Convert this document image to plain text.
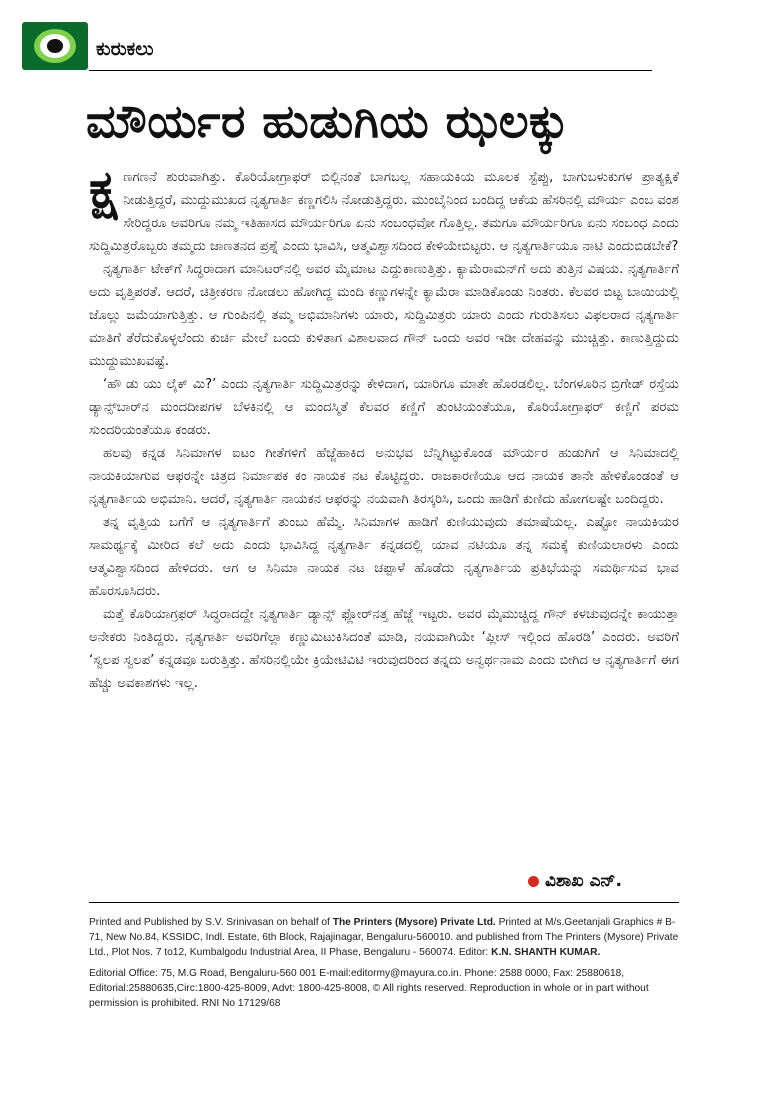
ಕುರುಕಲು
ಮೌರ್ಯರ ಹುಡುಗಿಯ ಝಲಕ್ಕು
ಕ್ಷ ಣಗಣನೆ ಶುರುವಾಗಿತ್ತು. ಕೊರಿಯೋಗ್ರಾಫರ್ ಬಿಲ್ಲಿನಂತೆ ಬಾಗಬಲ್ಲ ಸಹಾಯಕಿಯ ಮೂಲಕ ಸ್ಟೆಪ್ಪು, ಬಾಗುಬಳುಕುಗಳ ಪ್ರಾತ್ಯಕ್ಷಿಕೆ ನೀಡುತ್ತಿದ್ದರೆ, ಮುದ್ದುಮುಖದ ನೃತ್ಯಗಾರ್ತಿ ಕಣ್ಣಗಲಿಸಿ ನೋಡುತ್ತಿದ್ದರು. ಮುಂಬೈನಿಂದ ಬಂದಿದ್ದ ಆಕೆಯ ಹೆಸರಿನಲ್ಲಿ ಮೌರ್ಯ ಎಂಬ ವಂಶ ಸೇರಿದ್ದರೂ ಅವರಿಗೂ ನಮ್ಮ ಇತಿಹಾಸದ ಮೌರ್ಯರಿಗೂ ಏನು ಸಂಬಂಧವೋ ಗೊತ್ತಿಲ್ಲ. ತಮಗೂ ಮೌರ್ಯರಿಗೂ ಏನು ಸಂಬಂಧ ಎಂದು ಸುದ್ದಿಮಿತ್ರರೊಬ್ಬರು ತಮ್ಮದು ಜಾಣತನದ ಪ್ರಶ್ನೆ ಎಂದು ಭಾವಿಸಿ, ಆತ್ಮವಿಶ್ವಾಸದಿಂದ ಕೇಳಿಯೇಬಿಟ್ಟರು. ಆ ನೃತ್ಯಗಾರ್ತಿಯೂ ನಾಟಿ ಎಂದುಬಿಡಬೇಕೆ?

ನೃತ್ಯಗಾರ್ತಿ ಟೇಕ್‌ಗೆ ಸಿದ್ಧರಾದಾಗ ಮಾನಿಟರ್‌ನಲ್ಲಿ ಅವರ ಮೈಮಾಟ ಎದ್ದುಕಾಣುತ್ತಿತ್ತು. ಕ್ಯಾಮೆರಾಮನ್‌ಗೆ ಅದು ತುತ್ತಿನ ವಿಷಯ. ನೃತ್ಯಗಾರ್ತಿಗೆ ಅದು ವೃತ್ತಿಪರತೆ. ಆದರೆ, ಚಿತ್ರೀಕರಣ ನೋಡಲು ಹೋಗಿದ್ದ ಮಂದಿ ಕಣ್ಣುಗಳನ್ನೇ ಕ್ಯಾಮೆರಾ ಮಾಡಿಕೊಂಡು ನಿಂತರು. ಕೆಲವರ ಬಿಟ್ಟ ಬಾಯಿಯಲ್ಲಿ ಜೊಲ್ಲು ಜಮೆಯಾಗುತ್ತಿತ್ತು. ಆ ಗುಂಪಿನಲ್ಲಿ ತಮ್ಮ ಅಭಿಮಾನಿಗಳು ಯಾರು, ಸುದ್ದಿಮಿತ್ರರು ಯಾರು ಎಂದು ಗುರುತಿಸಲು ವಿಫಲರಾದ ನೃತ್ಯಗಾರ್ತಿ ಮಾತಿಗೆ ತೆರೆದುಕೊಳ್ಳಲೆಂದು ಕುರ್ಚಿ ಮೇಲೆ ಬಂದು ಕುಳಿತಾಗ ವಿಶಾಲವಾದ ಗೌನ್ ಒಂದು ಅವರ ಇಡೀ ದೇಹವನ್ನು ಮುಚ್ಚಿತ್ತು. ಕಾಣುತ್ತಿದ್ದುದು ಮುದ್ದುಮುಖವಷ್ಟೆ.

‘ಹೌ ಡು ಯು ಲೈಕ್ ಮಿ?’ ಎಂದು ನೃತ್ಯಗಾರ್ತಿ ಸುದ್ದಿಮಿತ್ರರನ್ನು ಕೇಳಿದಾಗ, ಯಾರಿಗೂ ಮಾತೇ ಹೊರಡಲಿಲ್ಲ. ಬೆಂಗಳೂರಿನ ಬ್ರಿಗೇಡ್ ರಸ್ತೆಯ ಡ್ಯಾನ್ಸ್‌ಬಾರ್‌ನ ಮಂದದೀಪಗಳ ಬೆಳಕಿನಲ್ಲಿ ಆ ಮಂದಸ್ಮಿತೆ ಕೆಲವರ ಕಣ್ಣಿಗೆ ತುಂಟಿಯಂತೆಯೂ, ಕೊರಿಯೋಗ್ರಾಫರ್ ಕಣ್ಣಿಗೆ ಪರಮ ಸುಂದರಿಯಂತೆಯೂ ಕಂಡರು.

ಹಲವು ಕನ್ನಡ ಸಿನಿಮಾಗಳ ಐಟಂ ಗೀತೆಗಳಿಗೆ ಹೆಜ್ಜೆಹಾಕಿದ ಅನುಭವ ಬೆನ್ನಿಗಿಟ್ಟುಕೊಂಡ ಮೌರ್ಯರ ಹುಡುಗಿಗೆ ಆ ಸಿನಿಮಾದಲ್ಲಿ ನಾಯಕಿಯಾಗುವ ಆಫರನ್ನೇ ಚಿತ್ರದ ನಿರ್ಮಾಪಕ ಕಂ ನಾಯಕ ನಟ ಕೊಟ್ಟಿದ್ದರು. ರಾಜಕಾರಣಿಯೂ ಆದ ನಾಯಕ ತಾನೇ ಹೇಳಿಕೊಂಡಂತೆ ಆ ನೃತ್ಯಗಾರ್ತಿಯ ಅಭಿಮಾನಿ. ಆದರೆ, ನೃತ್ಯಗಾರ್ತಿ ನಾಯಕನ ಆಫರನ್ನು ನಯವಾಗಿ ತಿರಸ್ಕರಿಸಿ, ಒಂದು ಹಾಡಿಗೆ ಕುಣಿದು ಹೋಗಲಷ್ಟೇ ಬಂದಿದ್ದರು.

ತನ್ನ ವೃತ್ತಿಯ ಬಗೆಗೆ ಆ ನೃತ್ಯಗಾರ್ತಿಗೆ ತುಂಬು ಹೆಮ್ಮೆ. ಸಿನಿಮಾಗಳ ಹಾಡಿಗೆ ಕುಣಿಯುವುದು ತಮಾಷೆಯಲ್ಲ. ಎಷ್ಟೋ ನಾಯಕಿಯರ ಸಾಮರ್ಥ್ಯಕ್ಕೆ ಮೀರಿದ ಕಲೆ ಅದು ಎಂದು ಭಾವಿಸಿದ್ದ ನೃತ್ಯಗಾರ್ತಿ ಕನ್ನಡದಲ್ಲಿ ಯಾವ ನಟಿಯೂ ತನ್ನ ಸಮಕ್ಕೆ ಕುಣಿಯಲಾರಳು ಎಂದು ಆತ್ಮವಿಶ್ವಾಸದಿಂದ ಹೇಳಿದರು. ಆಗ ಆ ಸಿನಿಮಾ ನಾಯಕ ನಟ ಚಪ್ಪಾಳೆ ಹೊಡೆದು ನೃತ್ಯಗಾರ್ತಿಯ ಪ್ರತಿಭೆಯನ್ನು ಸಮರ್ಥಿಸುವ ಭಾವ ಹೊರಸೂಸಿದರು.

ಮತ್ತೆ ಕೊರಿಯಾಗ್ರಫರ್ ಸಿದ್ಧರಾದದ್ದೇ ನೃತ್ಯಗಾರ್ತಿ ಡ್ಯಾನ್ಸ್ ಫ್ಲೋರ್‌ನತ್ತ ಹೆಜ್ಜೆ ಇಟ್ಟರು. ಅವರ ಮೈಮುಚ್ಚಿದ್ದ ಗೌನ್ ಕಳಚುವುದನ್ನೇ ಕಾಯುತ್ತಾ ಅನೇಕರು ನಿಂತಿದ್ದರು. ನೃತ್ಯಗಾರ್ತಿ ಅವರಿಗೆಲ್ಲಾ ಕಣ್ಣುಮಿಟುಕಿಸಿದಂತೆ ಮಾಡಿ, ನಯವಾಗಿಯೇ ‘ಪ್ಲೀಸ್ ಇಲ್ಲಿಂದ ಹೊರಡಿ’ ಎಂದರು. ಅವರಿಗೆ ‘ಸ್ವಲಪ ಸ್ವಲಪ’ ಕನ್ನಡವೂ ಬರುತ್ತಿತ್ತು. ಹೆಸರಿನಲ್ಲಿಯೇ ಕ್ರಿಯೇಟಿವಿಟಿ ಇರುವುದರಿಂದ ತನ್ನದು ಅನ್ವರ್ಥನಾಮ ಎಂದು ಬೀಗಿದ ಆ ನೃತ್ಯಗಾರ್ತಿಗೆ ಈಗ ಹೆಚ್ಚು ಅವಕಾಶಗಳು ಇಲ್ಲ.

ವಿಶಾಖ ಎನ್.

Printed and Published by S.V. Srinivasan on behalf of The Printers (Mysore) Private Ltd. Printed at M/s.Geetanjali Graphics # B-71, New No.84, KSSIDC, Indl. Estate, 6th Block, Rajajinagar, Bengaluru-560010. and published from The Printers (Mysore) Private Ltd., Plot Nos. 7 to12, Kumbalgodu Industrial Area, II Phase, Bengaluru - 560074. Editor: K.N. SHANTH KUMAR.

Editorial Office: 75, M.G Road, Bengaluru-560 001 E-mail:editormy@mayura.co.in. Phone: 2588 0000, Fax: 25880618, Editorial:25880635,Circ:1800-425-8009, Advt: 1800-425-8008, © All rights reserved. Reproduction in whole or in part without permission is prohibited. RNI No 17129/68
